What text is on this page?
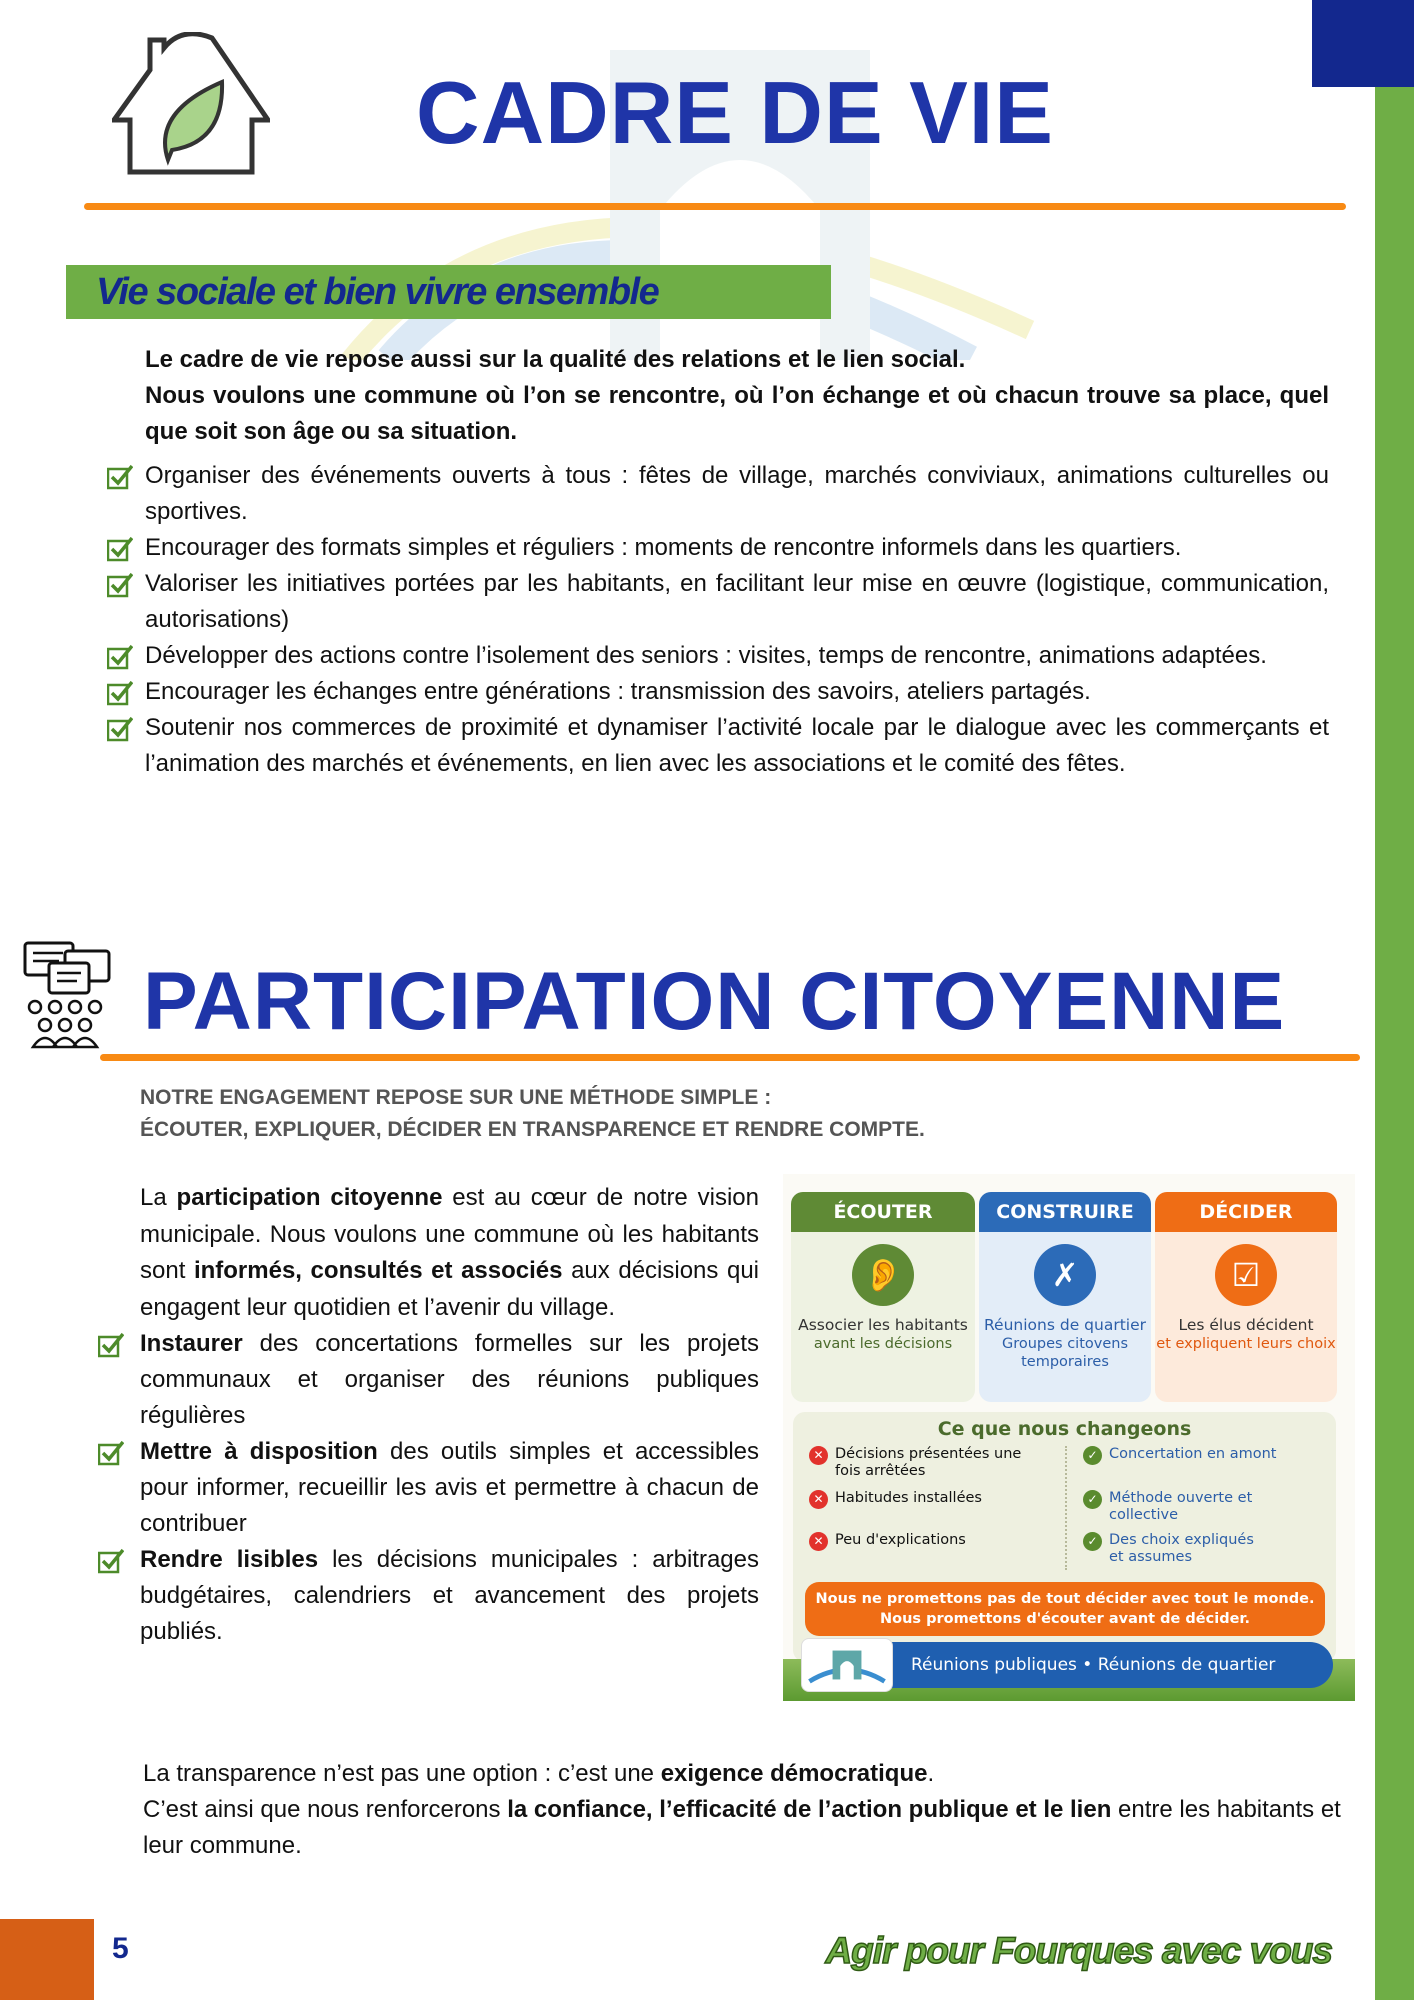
CADRE DE VIE
Vie sociale et bien vivre ensemble
Le cadre de vie repose aussi sur la qualité des relations et le lien social.
Nous voulons une commune où l’on se rencontre, où l’on échange et où chacun trouve sa place, quel que soit son âge ou sa situation.
Organiser des événements ouverts à tous : fêtes de village, marchés conviviaux, animations culturelles ou sportives.
Encourager des formats simples et réguliers : moments de rencontre informels dans les quartiers.
Valoriser les initiatives portées par les habitants, en facilitant leur mise en œuvre (logistique, communication, autorisations)
Développer des actions contre l’isolement des seniors : visites, temps de rencontre, animations adaptées.
Encourager les échanges entre générations : transmission des savoirs, ateliers partagés.
Soutenir nos commerces de proximité et dynamiser l’activité locale par le dialogue avec les commerçants et l’animation des marchés et événements, en lien avec les associations et le comité des fêtes.
PARTICIPATION CITOYENNE
NOTRE ENGAGEMENT REPOSE SUR UNE MÉTHODE SIMPLE :
ÉCOUTER, EXPLIQUER, DÉCIDER EN TRANSPARENCE ET RENDRE COMPTE.

La participation citoyenne est au cœur de notre vision municipale. Nous voulons une commune où les habitants sont informés, consultés et associés aux décisions qui engagent leur quotidien et l’avenir du village.

Instaurer des concertations formelles sur les projets communaux et organiser des réunions publiques régulières
Mettre à disposition des outils simples et accessibles pour informer, recueillir les avis et permettre à chacun de contribuer
Rendre lisibles les décisions municipales : arbitrages budgétaires, calendriers et avancement des projets publiés.
ÉCOUTER
👂
Associer les habitants
avant les décisions
CONSTRUIRE
✗
Réunions de quartier
Groupes citovens temporaires
DÉCIDER
☑
Les élus décident
et expliquent leurs choix
Ce que nous changeons
✕ Décisions présentées une fois arrêtées
✕ Habitudes installées
✕ Peu d'explications
✓ Concertation en amont
✓ Méthode ouverte et collective
✓ Des choix expliqués et assumes
Nous ne promettons pas de tout décider avec tout le monde.
Nous promettons d'écouter avant de décider.
Réunions publiques • Réunions de quartier
La transparence n’est pas une option : c’est une exigence démocratique.
C’est ainsi que nous renforcerons la confiance, l’efficacité de l’action publique et le lien entre les habitants et leur commune.
5	Agir pour Fourques avec vous
